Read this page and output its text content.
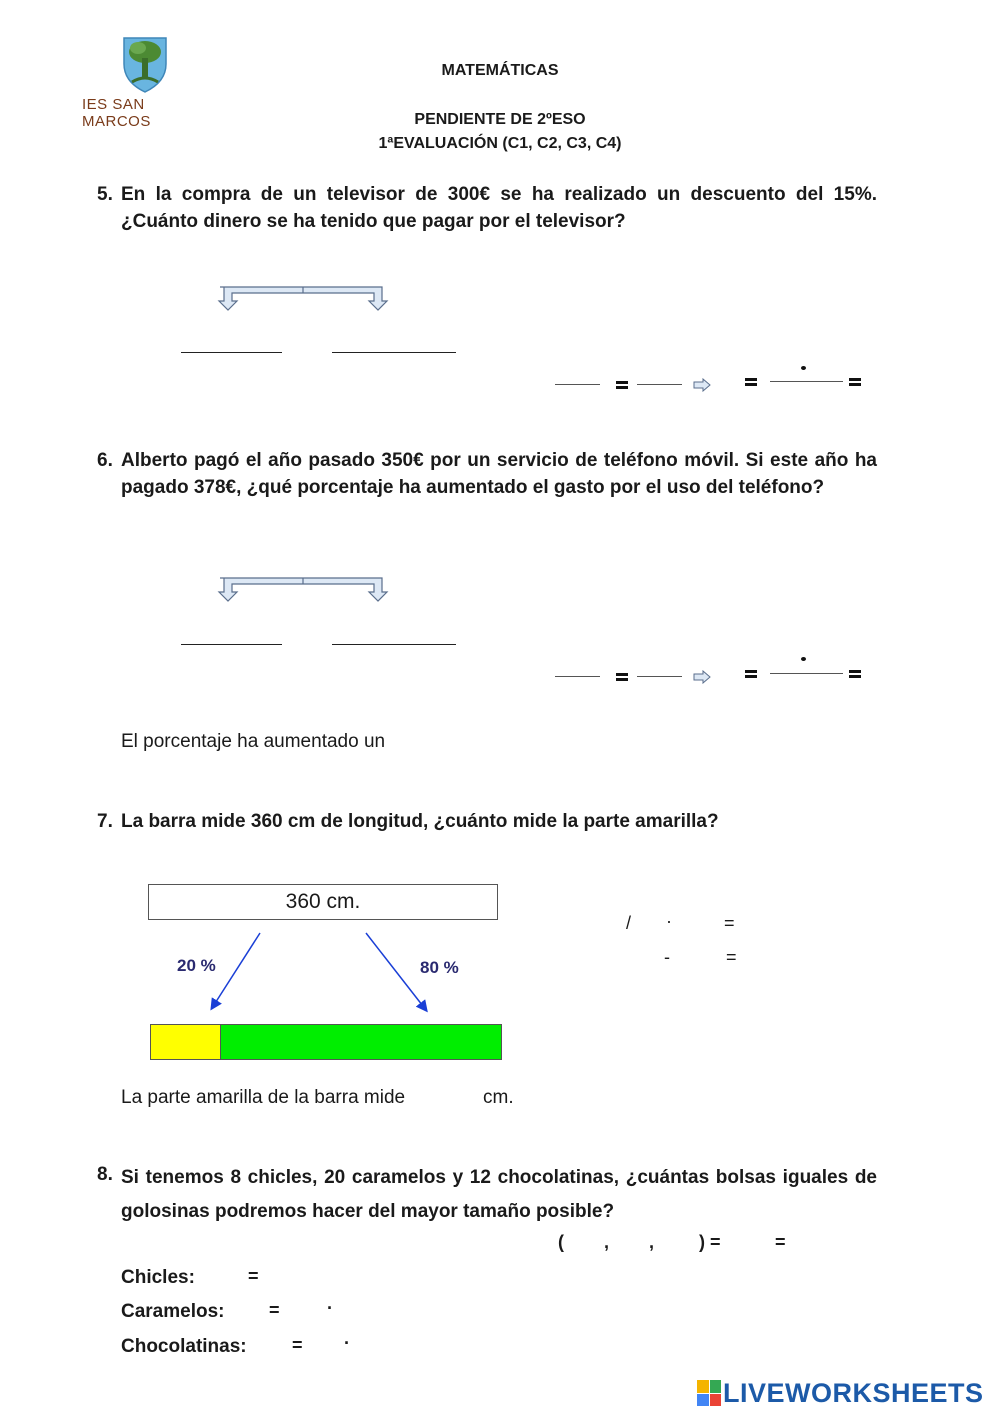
IES SAN MARCOS
MATEMÁTICAS
PENDIENTE DE 2ºESO
1ªEVALUACIÓN (C1, C2, C3, C4)
5. En la compra de un televisor de 300€ se ha realizado un descuento del 15%. ¿Cuánto dinero se ha tenido que pagar por el televisor?
6. Alberto pagó el año pasado 350€ por un servicio de teléfono móvil. Si este año ha pagado 378€, ¿qué porcentaje ha aumentado el gasto por el uso del teléfono?
El porcentaje ha aumentado un
7. La barra mide 360 cm de longitud, ¿cuánto mide la parte amarilla?
360 cm.
20 %	80 %
/ ·	=
-	=
La parte amarilla de la barra mide	cm.
8. Si tenemos 8 chicles, 20 caramelos y 12 chocolatinas, ¿cuántas bolsas iguales de golosinas podremos hacer del mayor tamaño posible?
( , , ) =	=
Chicles:	=
Caramelos: =	·
Chocolatinas:	= ·
LIVEWORKSHEETS
